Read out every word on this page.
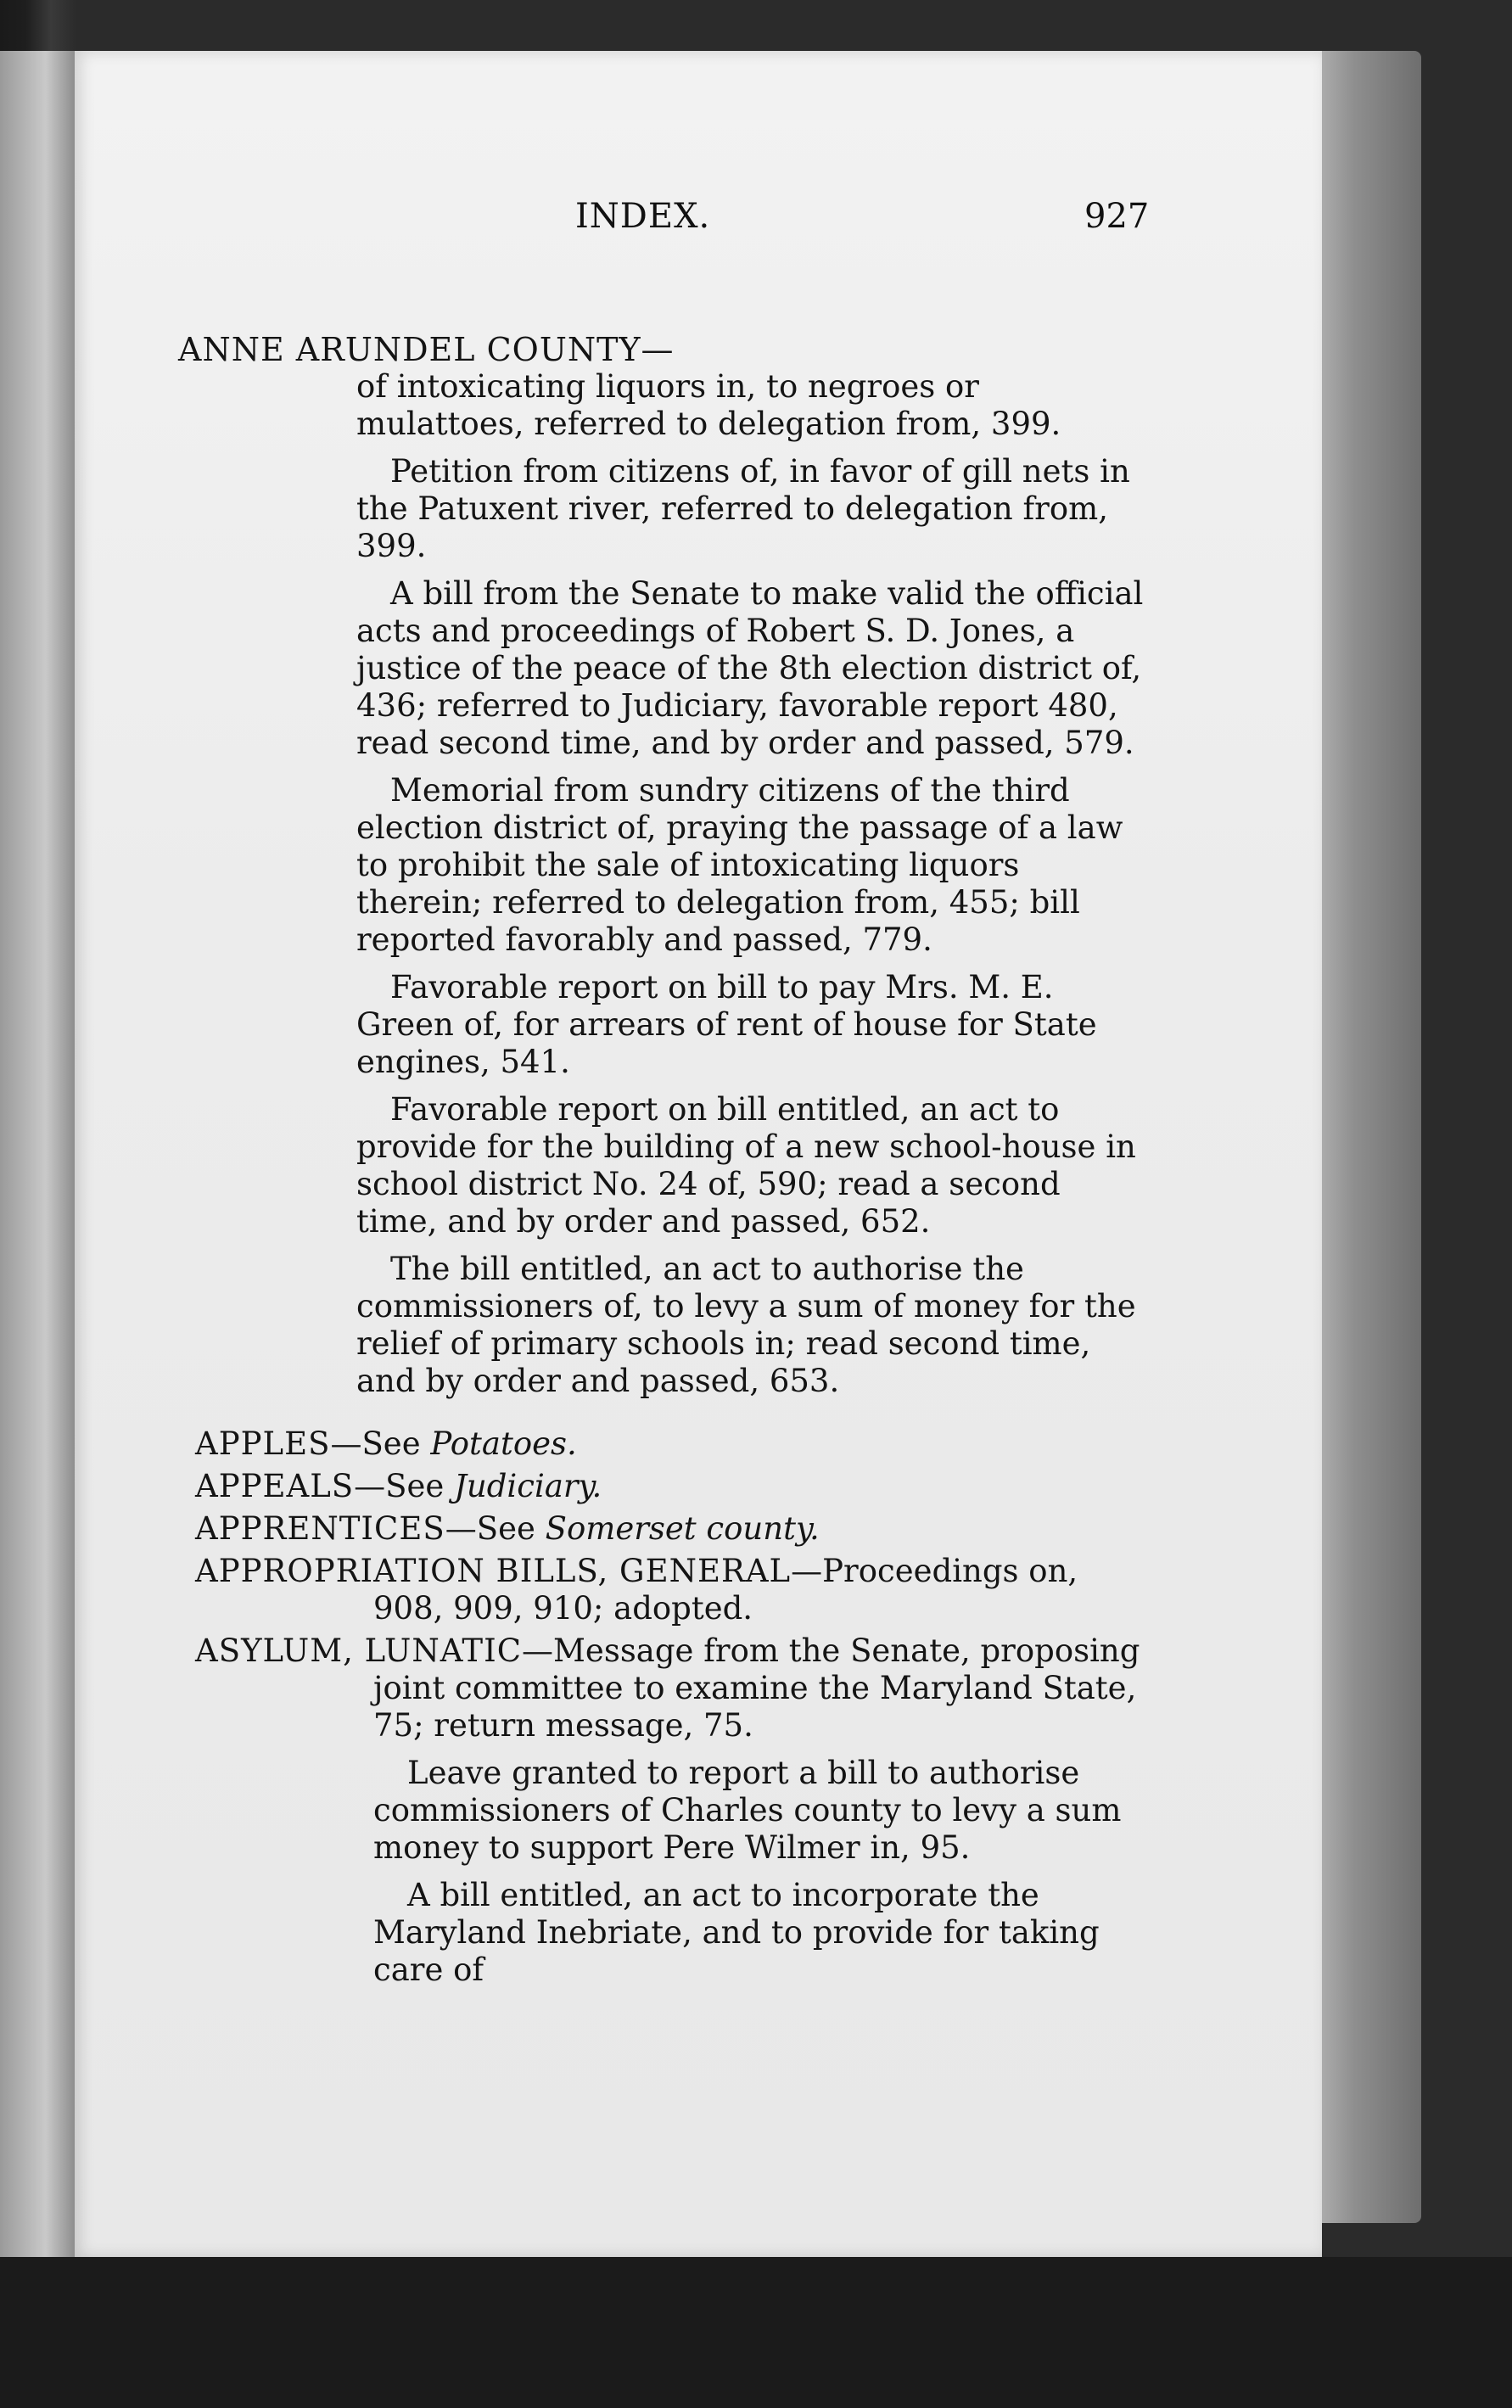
INDEX.	927
ANNE ARUNDEL COUNTY—
of intoxicating liquors in, to negroes or mulattoes, referred to delegation from, 399.
Petition from citizens of, in favor of gill nets in the Patuxent river, referred to delegation from, 399.
A bill from the Senate to make valid the official acts and proceedings of Robert S. D. Jones, a justice of the peace of the 8th election district of, 436; referred to Judiciary, favorable report 480, read second time, and by order and passed, 579.
Memorial from sundry citizens of the third election district of, praying the passage of a law to prohibit the sale of intoxicating liquors therein; referred to delegation from, 455; bill reported favorably and passed, 779.
Favorable report on bill to pay Mrs. M. E. Green of, for arrears of rent of house for State engines, 541.
Favorable report on bill entitled, an act to provide for the building of a new school-house in school district No. 24 of, 590; read a second time, and by order and passed, 652.
The bill entitled, an act to authorise the commissioners of, to levy a sum of money for the relief of primary schools in; read second time, and by order and passed, 653.
APPLES—See Potatoes.
APPEALS—See Judiciary.
APPRENTICES—See Somerset county.
APPROPRIATION BILLS, GENERAL—Proceedings on, 908, 909, 910; adopted.
ASYLUM, LUNATIC—Message from the Senate, proposing joint committee to examine the Maryland State, 75; return message, 75.
Leave granted to report a bill to authorise commissioners of Charles county to levy a sum money to support Pere Wilmer in, 95.
A bill entitled, an act to incorporate the Maryland Inebriate, and to provide for taking care of
